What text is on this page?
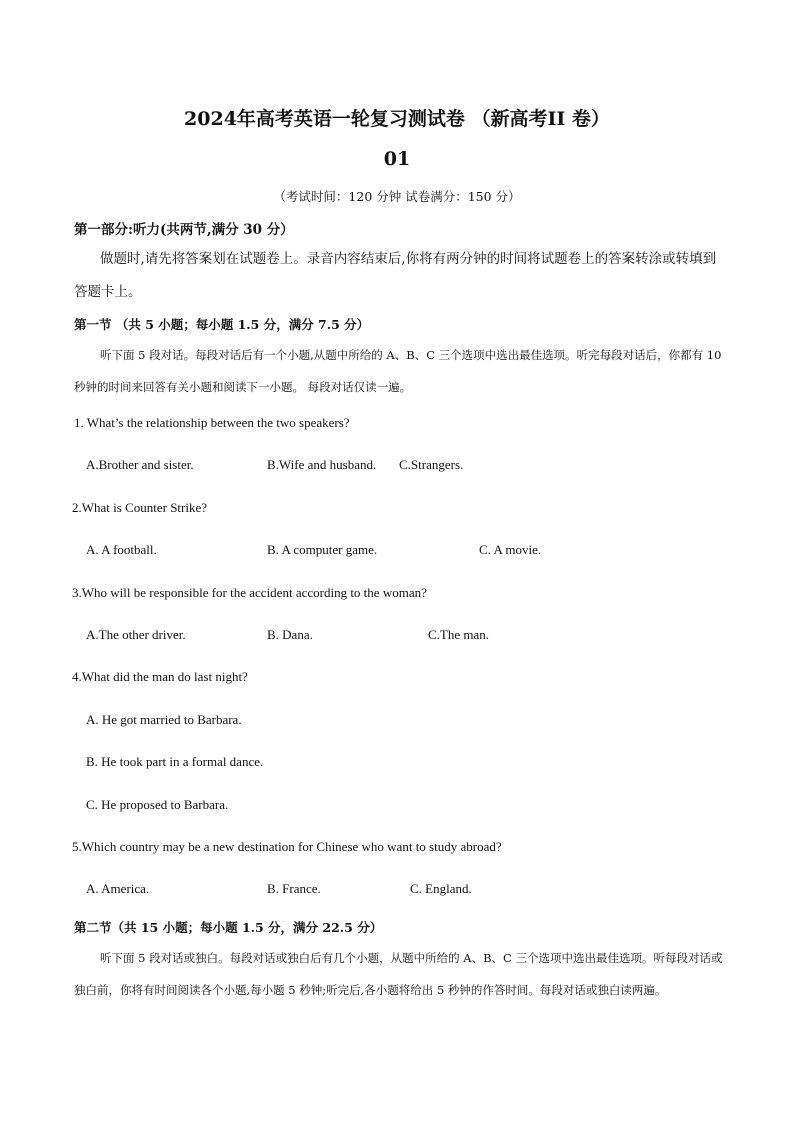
2024年高考英语一轮复习测试卷 （新高考II 卷）
01
（考试时间：120 分钟 试卷满分：150 分）
第一部分:听力(共两节,满分 30 分）
做题时,请先将答案划在试题卷上。录音内容结束后,你将有两分钟的时间将试题卷上的答案转涂或转填到答题卡上。
第一节 （共 5 小题；每小题 1.5 分，满分 7.5 分）
听下面 5 段对话。每段对话后有一个小题,从题中所给的 A、B、C 三个选项中选出最佳选项。听完每段对话后，你都有 10 秒钟的时间来回答有关小题和阅读下一小题。 每段对话仅读一遍。
1. What’s the relationship between the two speakers?
A.Brother and sister.	B.Wife and husband. C.Strangers.
2.What is Counter Strike?
A. A football.	B. A computer game.	C. A movie.
3.Who will be responsible for the accident according to the woman?
A.The other driver.	B. Dana.	C.The man.
4.What did the man do last night?
A. He got married to Barbara.
B. He took part in a formal dance.
C. He proposed to Barbara.
5.Which country may be a new destination for Chinese who want to study abroad?
A. America.	B. France.	C. England.
第二节（共 15 小题；每小题 1.5 分，满分 22.5 分）
听下面 5 段对话或独白。每段对话或独白后有几个小题，从题中所给的 A、B、C 三个选项中选出最佳选项。听每段对话或独白前，你将有时间阅读各个小题,每小题 5 秒钟;听完后,各小题将给出 5 秒钟的作答时间。每段对话或独白读两遍。
